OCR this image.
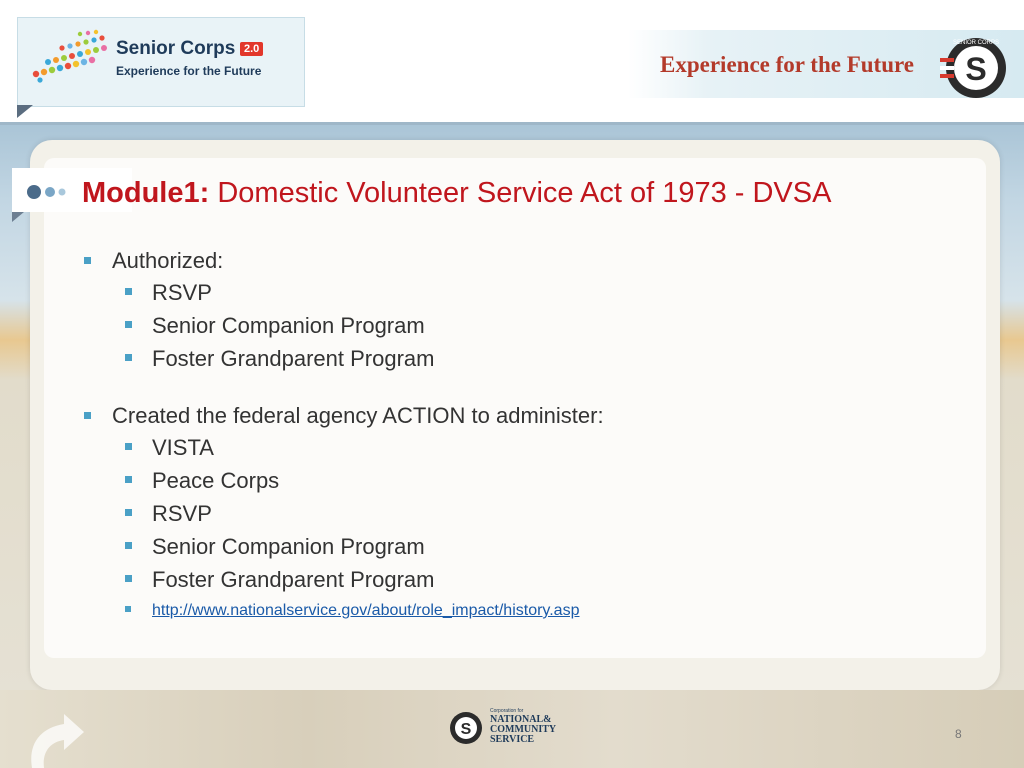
Senior Corps 2.0
Experience for the Future	Experience for the Future S
SENIOR CORPS
Module1: Domestic Volunteer Service Act of 1973 - DVSA
Authorized:
RSVP
Senior Companion Program
Foster Grandparent Program
Created the federal agency ACTION to administer:
VISTA
Peace Corps
RSVP
Senior Companion Program
Foster Grandparent Program
http://www.nationalservice.gov/about/role_impact/history.asp
S
Corporation for
NATIONAL&
COMMUNITY
SERVICE	8
